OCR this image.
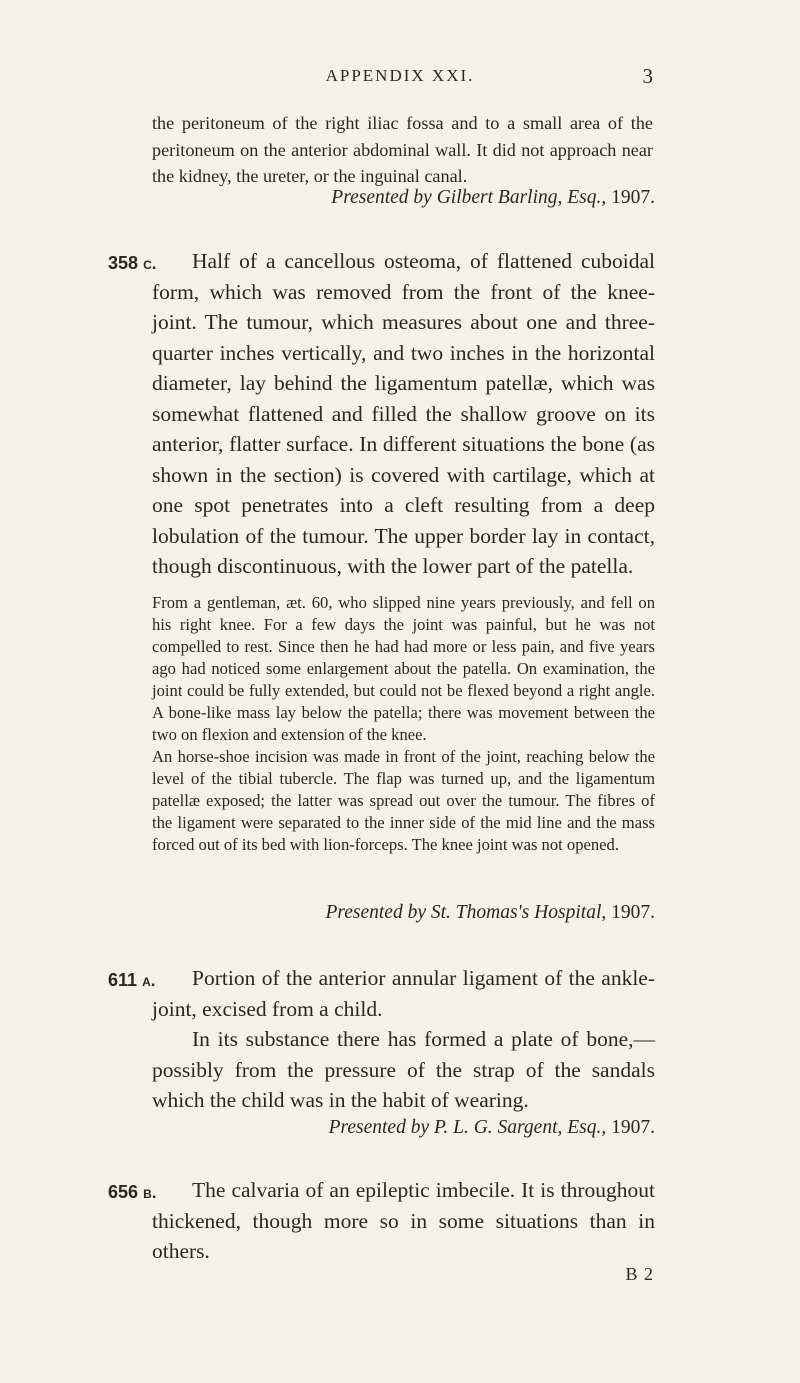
APPENDIX XXI.	3
the peritoneum of the right iliac fossa and to a small area of the peritoneum on the anterior abdominal wall. It did not approach near the kidney, the ureter, or the inguinal canal.
Presented by Gilbert Barling, Esq., 1907.
358 c.	Half of a cancellous osteoma, of flattened cuboidal form, which was removed from the front of the knee-joint. The tumour, which measures about one and three-quarter inches vertically, and two inches in the horizontal diameter, lay behind the ligamentum patellæ, which was somewhat flattened and filled the shallow groove on its anterior, flatter surface. In different situations the bone (as shown in the section) is covered with cartilage, which at one spot penetrates into a cleft resulting from a deep lobulation of the tumour. The upper border lay in contact, though discontinuous, with the lower part of the patella.

From a gentleman, æt. 60, who slipped nine years previously, and fell on his right knee. For a few days the joint was painful, but he was not compelled to rest. Since then he had had more or less pain, and five years ago had noticed some enlargement about the patella. On examination, the joint could be fully extended, but could not be flexed beyond a right angle. A bone-like mass lay below the patella; there was movement between the two on flexion and extension of the knee.

An horse-shoe incision was made in front of the joint, reaching below the level of the tibial tubercle. The flap was turned up, and the ligamentum patellæ exposed; the latter was spread out over the tumour. The fibres of the ligament were separated to the inner side of the mid line and the mass forced out of its bed with lion-forceps. The knee joint was not opened.

Presented by St. Thomas's Hospital, 1907.
611 a.	Portion of the anterior annular ligament of the ankle-joint, excised from a child.
In its substance there has formed a plate of bone,—possibly from the pressure of the strap of the sandals which the child was in the habit of wearing.
Presented by P. L. G. Sargent, Esq., 1907.
656 b.	The calvaria of an epileptic imbecile. It is throughout thickened, though more so in some situations than in others.
B 2
